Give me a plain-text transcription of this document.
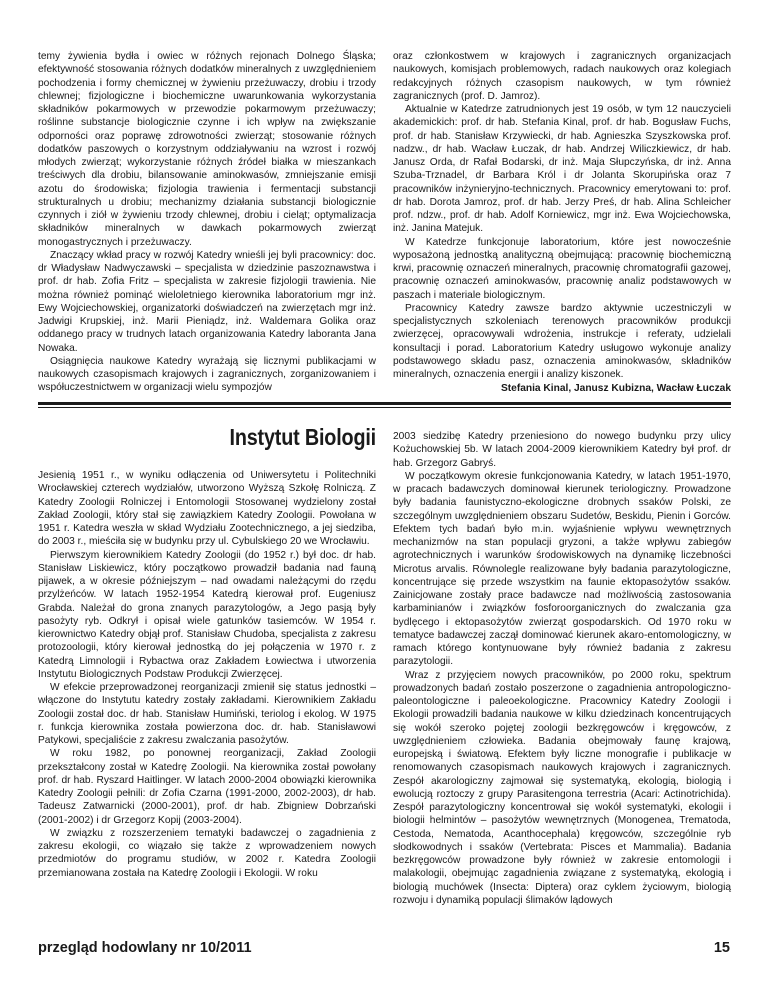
temy żywienia bydła i owiec w różnych rejonach Dolnego Śląska; efektywność stosowania różnych dodatków mineralnych z uwzględnieniem pochodzenia i formy chemicznej w żywieniu przeżuwaczy, drobiu i trzody chlewnej; fizjologiczne i biochemiczne uwarunkowania wykorzystania składników pokarmowych w przewodzie pokarmowym przeżuwaczy; roślinne substancje biologicznie czynne i ich wpływ na zwiększanie odporności oraz poprawę zdrowotności zwierząt; stosowanie różnych dodatków paszowych o korzystnym oddziaływaniu na wzrost i rozwój młodych zwierząt; wykorzystanie różnych źródeł białka w mieszankach treściwych dla drobiu, bilansowanie aminokwasów, zmniejszanie emisji azotu do środowiska; fizjologia trawienia i fermentacji substancji strukturalnych u drobiu; mechanizmy działania substancji biologicznie czynnych i ziół w żywieniu trzody chlewnej, drobiu i cieląt; optymalizacja składników mineralnych w dawkach pokarmowych zwierząt monogastrycznych i przeżuwaczy.

Znaczący wkład pracy w rozwój Katedry wnieśli jej byli pracownicy: doc. dr Władysław Nadwyczawski – specjalista w dziedzinie paszoznawstwa i prof. dr hab. Zofia Fritz – specjalista w zakresie fizjologii trawienia. Nie można również pominąć wieloletniego kierownika laboratorium mgr inż. Ewy Wojciechowskiej, organizatorki doświadczeń na zwierzętach mgr inż. Jadwigi Krupskiej, inż. Marii Pieniądz, inż. Waldemara Golika oraz oddanego pracy w trudnych latach organizowania Katedry laboranta Jana Nowaka.

Osiągnięcia naukowe Katedry wyrażają się licznymi publikacjami w naukowych czasopismach krajowych i zagranicznych, zorganizowaniem i współuczestnictwem w organizacji wielu sympozjów

oraz członkostwem w krajowych i zagranicznych organizacjach naukowych, komisjach problemowych, radach naukowych oraz kolegiach redakcyjnych różnych czasopism naukowych, w tym również zagranicznych (prof. D. Jamroz).

Aktualnie w Katedrze zatrudnionych jest 19 osób, w tym 12 nauczycieli akademickich: prof. dr hab. Stefania Kinal, prof. dr hab. Bogusław Fuchs, prof. dr hab. Stanisław Krzywiecki, dr hab. Agnieszka Szyszkowska prof. nadzw., dr hab. Wacław Łuczak, dr hab. Andrzej Wiliczkiewicz, dr hab. Janusz Orda, dr Rafał Bodarski, dr inż. Maja Słupczyńska, dr inż. Anna Szuba-Trznadel, dr Barbara Król i dr Jolanta Skorupińska oraz 7 pracowników inżynieryjno-technicznych. Pracownicy emerytowani to: prof. dr hab. Dorota Jamroz, prof. dr hab. Jerzy Preś, dr hab. Alina Schleicher prof. ndzw., prof. dr hab. Adolf Korniewicz, mgr inż. Ewa Wojciechowska, inż. Janina Matejuk.

W Katedrze funkcjonuje laboratorium, które jest nowocześnie wyposażoną jednostką analityczną obejmującą: pracownię biochemiczną krwi, pracownię oznaczeń mineralnych, pracownię chromatografii gazowej, pracownię oznaczeń aminokwasów, pracownię analiz podstawowych w paszach i materiale biologicznym.

Pracownicy Katedry zawsze bardzo aktywnie uczestniczyli w specjalistycznych szkoleniach terenowych pracowników produkcji zwierzęcej, opracowywali wdrożenia, instrukcje i referaty, udzielali konsultacji i porad. Laboratorium Katedry usługowo wykonuje analizy podstawowego składu pasz, oznaczenia aminokwasów, składników mineralnych, oznaczenia energii i analizy kiszonek.

Stefania Kinal, Janusz Kubizna, Wacław Łuczak
Instytut Biologii

Jesienią 1951 r., w wyniku odłączenia od Uniwersytetu i Politechniki Wrocławskiej czterech wydziałów, utworzono Wyższą Szkołę Rolniczą. Z Katedry Zoologii Rolniczej i Entomologii Stosowanej wydzielony został Zakład Zoologii, który stał się zawiązkiem Katedry Zoologii. Powołana w 1951 r. Katedra weszła w skład Wydziału Zootechnicznego, a jej siedziba, do 2003 r., mieściła się w budynku przy ul. Cybulskiego 20 we Wrocławiu.

Pierwszym kierownikiem Katedry Zoologii (do 1952 r.) był doc. dr hab. Stanisław Liskiewicz, który początkowo prowadził badania nad fauną pijawek, a w okresie późniejszym – nad owadami należącymi do rzędu przylżeńców. W latach 1952-1954 Katedrą kierował prof. Eugeniusz Grabda. Należał do grona znanych parazytologów, a Jego pasją były pasożyty ryb. Odkrył i opisał wiele gatunków tasiemców. W 1954 r. kierownictwo Katedry objął prof. Stanisław Chudoba, specjalista z zakresu protozoologii, który kierował jednostką do jej połączenia w 1970 r. z Katedrą Limnologii i Rybactwa oraz Zakładem Łowiectwa i utworzenia Instytutu Biologicznych Podstaw Produkcji Zwierzęcej.

W efekcie przeprowadzonej reorganizacji zmienił się status jednostki – włączone do Instytutu katedry zostały zakładami. Kierownikiem Zakładu Zoologii został doc. dr hab. Stanisław Humiński, teriolog i ekolog. W 1975 r. funkcja kierownika została powierzona doc. dr. hab. Stanisławowi Patykowi, specjaliście z zakresu zwalczania pasożytów.

W roku 1982, po ponownej reorganizacji, Zakład Zoologii przekształcony został w Katedrę Zoologii. Na kierownika został powołany prof. dr hab. Ryszard Haitlinger. W latach 2000-2004 obowiązki kierownika Katedry Zoologii pełnili: dr Zofia Czarna (1991-2000, 2002-2003), dr hab. Tadeusz Zatwarnicki (2000-2001), prof. dr hab. Zbigniew Dobrzański (2001-2002) i dr Grzegorz Kopij (2003-2004).

W związku z rozszerzeniem tematyki badawczej o zagadnienia z zakresu ekologii, co wiązało się także z wprowadzeniem nowych przedmiotów do programu studiów, w 2002 r. Katedra Zoologii przemianowana została na Katedrę Zoologii i Ekologii. W roku

2003 siedzibę Katedry przeniesiono do nowego budynku przy ulicy Kożuchowskiej 5b. W latach 2004-2009 kierownikiem Katedry był prof. dr hab. Grzegorz Gabryś.

W początkowym okresie funkcjonowania Katedry, w latach 1951-1970, w pracach badawczych dominował kierunek teriologiczny. Prowadzone były badania faunistyczno-ekologiczne drobnych ssaków Polski, ze szczególnym uwzględnieniem obszaru Sudetów, Beskidu, Pienin i Gorców. Efektem tych badań było m.in. wyjaśnienie wpływu wewnętrznych mechanizmów na stan populacji gryzoni, a także wpływu zabiegów agrotechnicznych i warunków środowiskowych na dynamikę liczebności Microtus arvalis. Równolegle realizowane były badania parazytologiczne, koncentrujące się przede wszystkim na faunie ektopasożytów ssaków. Zainicjowane zostały prace badawcze nad możliwością zastosowania karbaminianów i związków fosforoorganicznych do zwalczania gza bydlęcego i ektopasożytów zwierząt gospodarskich. Od 1970 roku w tematyce badawczej zaczął dominować kierunek akaro-entomologiczny, w ramach którego kontynuowane były również badania z zakresu parazytologii.

Wraz z przyjęciem nowych pracowników, po 2000 roku, spektrum prowadzonych badań zostało poszerzone o zagadnienia antropologiczno-paleontologiczne i paleoekologiczne. Pracownicy Katedry Zoologii i Ekologii prowadzili badania naukowe w kilku dziedzinach koncentrujących się wokół szeroko pojętej zoologii bezkręgowców i kręgowców, z uwzględnieniem człowieka. Badania obejmowały faunę krajową, europejską i światową. Efektem były liczne monografie i publikacje w renomowanych czasopismach naukowych krajowych i zagranicznych. Zespół akarologiczny zajmował się systematyką, ekologią, biologią i ewolucją roztoczy z grupy Parasitengona terrestria (Acari: Actinotrichida). Zespół parazytologiczny koncentrował się wokół systematyki, ekologii i biologii helmintów – pasożytów wewnętrznych (Monogenea, Trematoda, Cestoda, Nematoda, Acanthocephala) kręgowców, szczególnie ryb słodkowodnych i ssaków (Vertebrata: Pisces et Mammalia). Badania bezkręgowców prowadzone były również w zakresie entomologii i malakologii, obejmując zagadnienia związane z systematyką, ekologią i biologią muchówek (Insecta: Diptera) oraz cyklem życiowym, biologią rozwoju i dynamiką populacji ślimaków lądowych

przegląd hodowlany nr 10/2011	15
